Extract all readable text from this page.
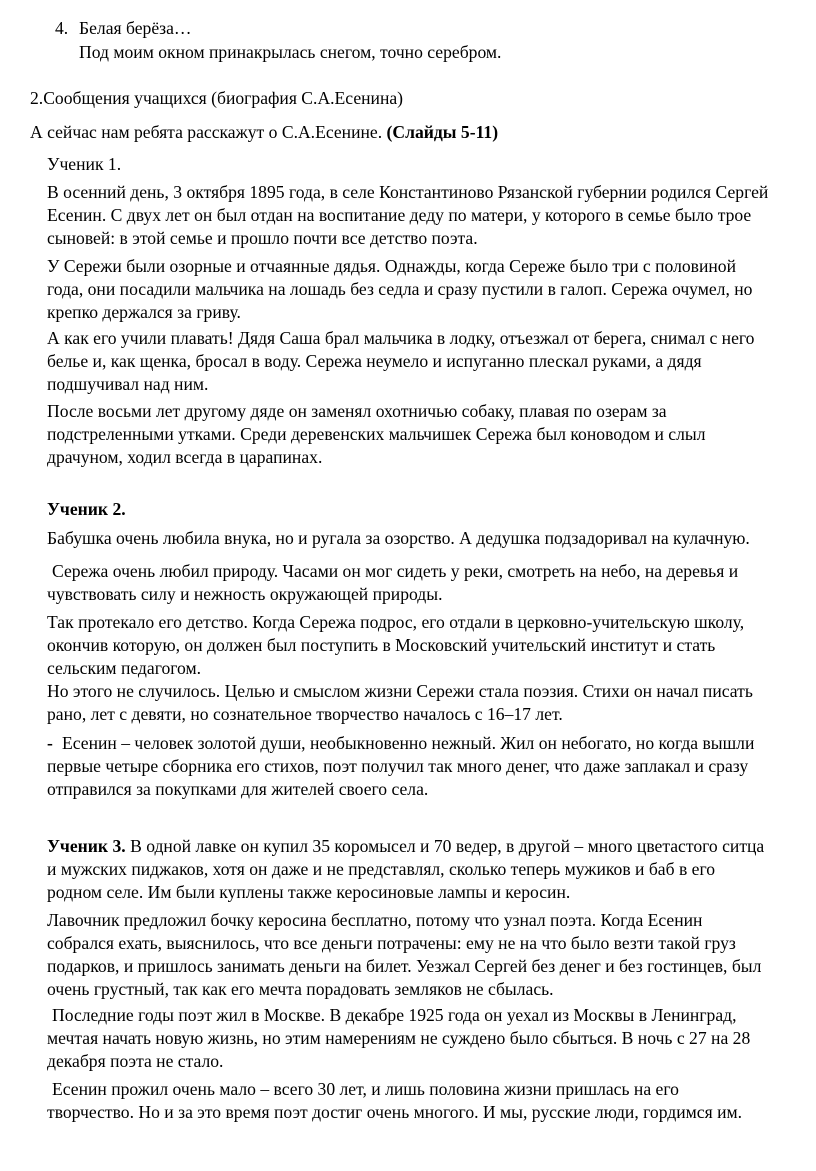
4. Белая берёза…
Под моим окном принакрылась снегом, точно серебром.
2.Сообщения учащихся (биография С.А.Есенина)
А сейчас нам ребята расскажут о С.А.Есенине. (Слайды 5-11)
Ученик 1.
В осенний день, 3 октября 1895 года, в селе Константиново Рязанской губернии родился Сергей
Есенин. С двух лет он был отдан на воспитание деду по матери, у которого в семье было трое
сыновей: в этой семье и прошло почти все детство поэта.
У Сережи были озорные и отчаянные дядья. Однажды, когда Сереже было три с половиной
года, они посадили мальчика на лошадь без седла и сразу пустили в галоп. Сережа очумел, но
крепко держался за гриву.
А как его учили плавать! Дядя Саша брал мальчика в лодку, отъезжал от берега, снимал с него
белье и, как щенка, бросал в воду. Сережа неумело и испуганно плескал руками, а дядя
подшучивал над ним.
После восьми лет другому дяде он заменял охотничью собаку, плавая по озерам за
подстреленными утками. Среди деревенских мальчишек Сережа был коноводом и слыл
драчуном, ходил всегда в царапинах.
Ученик 2.
Бабушка очень любила внука, но и ругала за озорство. А дедушка подзадоривал на кулачную.
Сережа очень любил природу. Часами он мог сидеть у реки, смотреть на небо, на деревья и
чувствовать силу и нежность окружающей природы.
Так протекало его детство. Когда Сережа подрос, его отдали в церковно-учительскую школу,
окончив которую, он должен был поступить в Московский учительский институт и стать
сельским педагогом.
Но этого не случилось. Целью и смыслом жизни Сережи стала поэзия. Стихи он начал писать
рано, лет с девяти, но сознательное творчество началось с 16–17 лет.
- Есенин – человек золотой души, необыкновенно нежный. Жил он небогато, но когда вышли
первые четыре сборника его стихов, поэт получил так много денег, что даже заплакал и сразу
отправился за покупками для жителей своего села.
Ученик 3. В одной лавке он купил 35 коромысел и 70 ведер, в другой – много цветастого ситца
и мужских пиджаков, хотя он даже и не представлял, сколько теперь мужиков и баб в его
родном селе. Им были куплены также керосиновые лампы и керосин.
Лавочник предложил бочку керосина бесплатно, потому что узнал поэта. Когда Есенин
собрался ехать, выяснилось, что все деньги потрачены: ему не на что было везти такой груз
подарков, и пришлось занимать деньги на билет. Уезжал Сергей без денег и без гостинцев, был
очень грустный, так как его мечта порадовать земляков не сбылась.
Последние годы поэт жил в Москве. В декабре 1925 года он уехал из Москвы в Ленинград,
мечтая начать новую жизнь, но этим намерениям не суждено было сбыться. В ночь с 27 на 28
декабря поэта не стало.
Есенин прожил очень мало – всего 30 лет, и лишь половина жизни пришлась на его
творчество. Но и за это время поэт достиг очень многого. И мы, русские люди, гордимся им.
